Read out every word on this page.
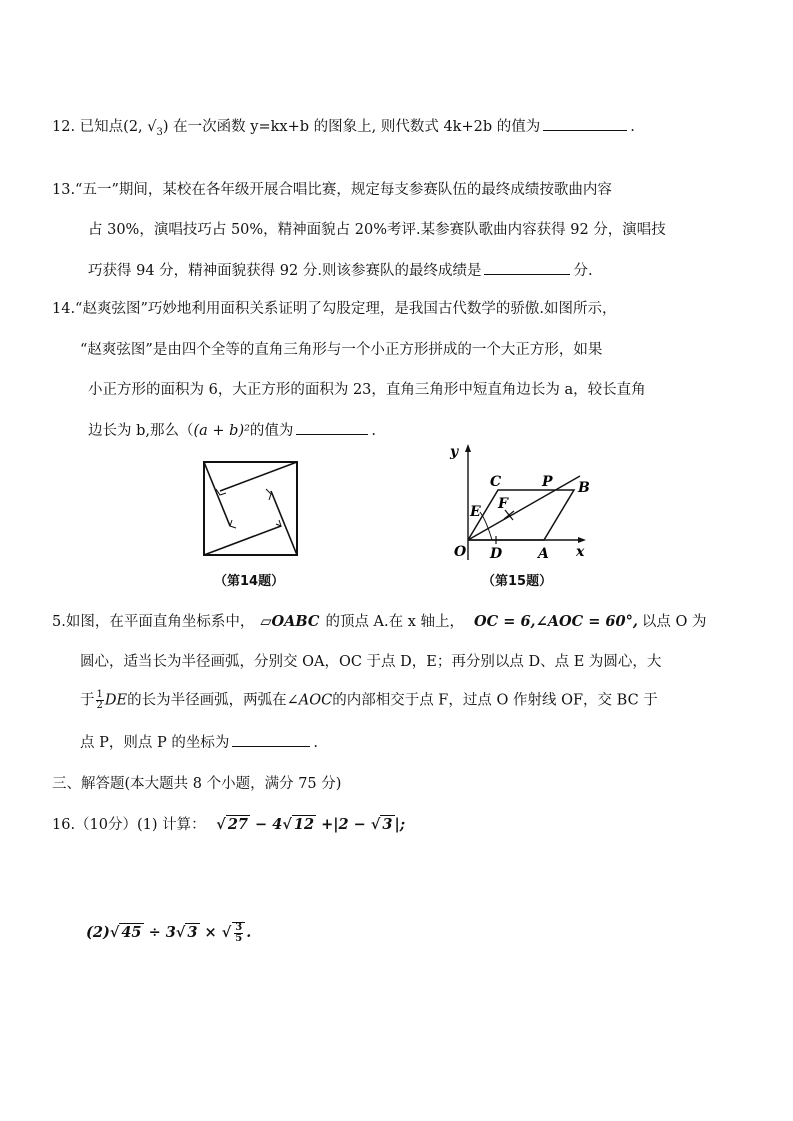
12. 已知点(2, $√_3$) 在一次函数 y=kx+b 的图象上, 则代数式 4k+2b 的值为	.
13.“五一”期间，某校在各年级开展合唱比赛，规定每支参赛队伍的最终成绩按歌曲内容
占 30%，演唱技巧占 50%，精神面貌占 20%考评.某参赛队歌曲内容获得 92 分，演唱技
巧获得 94 分，精神面貌获得 92 分.则该参赛队的最终成绩是	分.
14.“赵爽弦图”巧妙地利用面积关系证明了勾股定理，是我国古代数学的骄傲.如图所示，
“赵爽弦图”是由四个全等的直角三角形与一个小正方形拼成的一个大正方形，如果
小正方形的面积为 6，大正方形的面积为 23，直角三角形中短直角边长为 a，较长直角
边长为 b,那么（(a + b)²的值为	.
（第14题）
y
x
O
C	P B
E F
D	A
（第15题）
5.如图，在平面直角坐标系中， ▱OABC 的顶点 A.在 x 轴上， OC = 6,∠AOC = 60°, 以点 O 为
圆心，适当长为半径画弧，分别交 OA，OC 于点 D，E；再分别以点 D、点 E 为圆心，大
于 $\frac{1}{2}$ DE的长为半径画弧，两弧在∠AOC的内部相交于点 F，过点 O 作射线 OF，交 BC 于
点 P，则点 P 的坐标为	.
三、解答题(本大题共 8 个小题，满分 75 分)
16.（10分）(1) 计算： √ 27 − 4√ 12 +|2 − √ 3 |;
(2)√ 45 ÷ 3√ 3 × √ $\frac{3}{5}$ .
